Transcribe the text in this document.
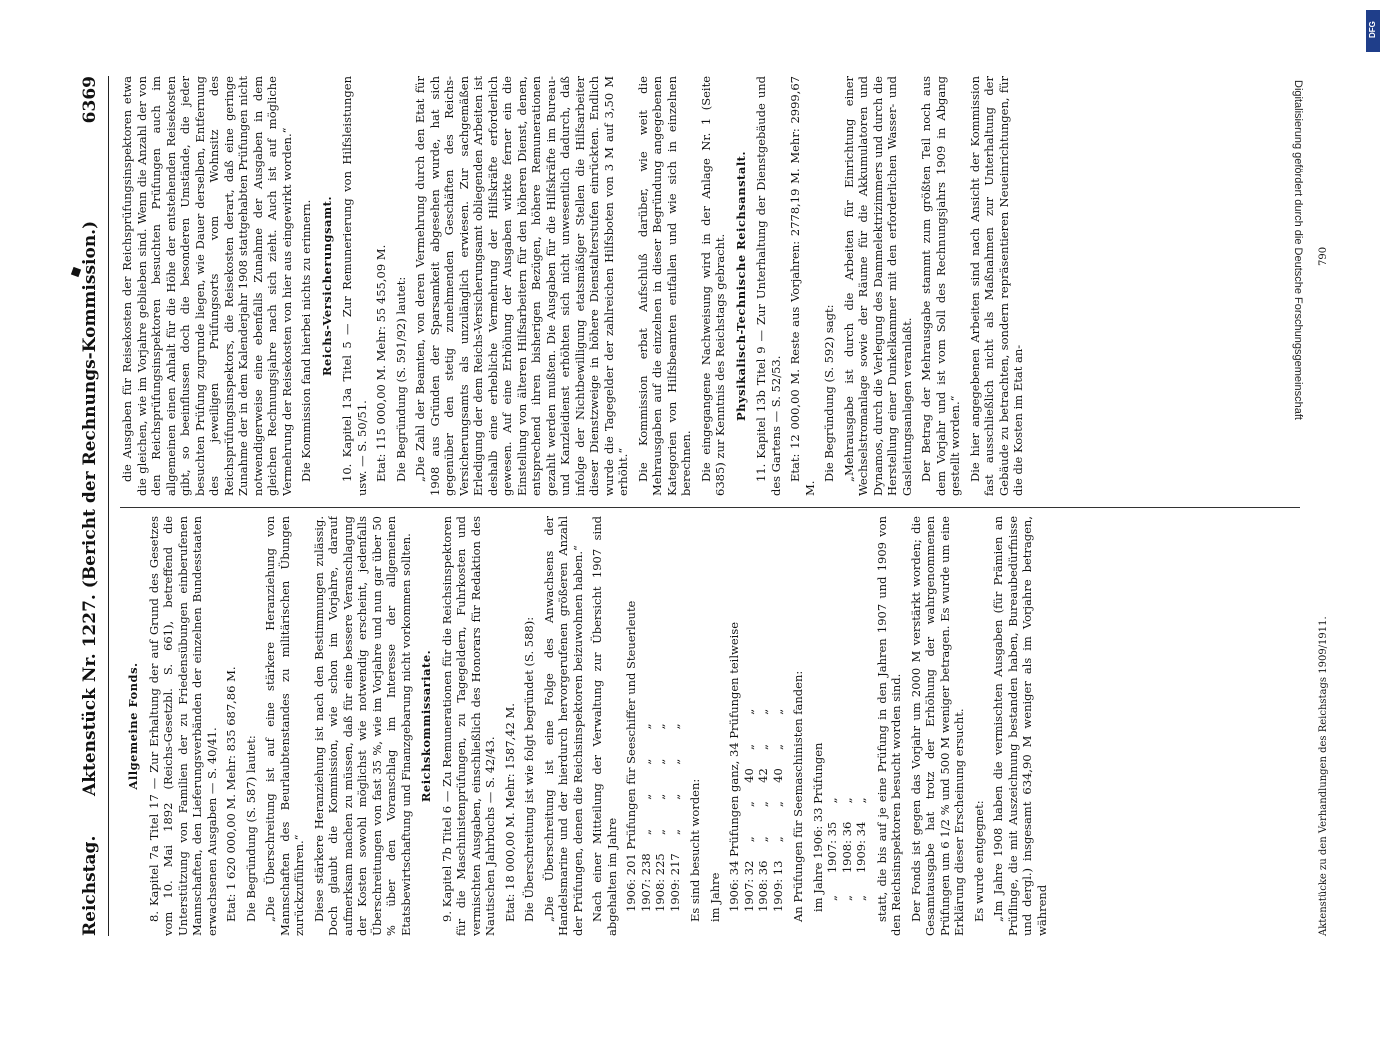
Reichstag.
Aktenstück Nr. 1227. (Bericht der Rechnungs-Kommission.)
6369
Allgemeine Fonds. 8. Kapitel 7a Titel 17 — Zur Erhaltung der auf Grund des Gesetzes vom 10. Mai 1892 (Reichs-Gesetzbl. S. 661), betreffend die Unterstützung von Familien der zu Friedensübungen einberufenen Mannschaften, den Lieferungsverbänden der einzelnen Bundesstaaten erwachsenen Ausgaben — S. 40/41. Etat: 1 620 000,00 M. Mehr: 835 687,86 M. Die Begründung (S. 587) lautet: „Die Überschreitung ist auf eine stärkere Heranziehung von Mannschaften des Beurlaubtenstandes zu militärischen Übungen zurückzuführen.“ Diese stärkere Heranziehung ist nach den Bestimmungen zulässig. Doch glaubt die Kommission, wie schon im Vorjahre, darauf aufmerksam machen zu müssen, daß für eine bessere Veranschlagung der Kosten sowohl möglichst wie notwendig erscheint, jedenfalls Überschreitungen von fast 35 %, wie im Vorjahre und nun gar über 50 % über den Voranschlag im Interesse der allgemeinen Etatsbewirtschaftung und Finanzgebarung nicht vorkommen sollten. Reichskommissariate. 9. Kapitel 7b Titel 6 — Zu Remunerationen für die Reichsinspektoren für die Maschinistenprüfungen, zu Tagegeldern, Fuhrkosten und vermischten Ausgaben, einschließlich des Honorars für Redaktion des Nautischen Jahrbuchs — S. 42/43. Etat: 18 000,00 M. Mehr: 1587,42 M. Die Überschreitung ist wie folgt begründet (S. 588): „Die Überschreitung ist eine Folge des Anwachsens der Handelsmarine und der hierdurch hervorgerufenen größeren Anzahl der Prüfungen, denen die Reichsinspektoren beizuwohnen haben.“ Nach einer Mitteilung der Verwaltung zur Übersicht 1907 sind abgehalten im Jahre 1906: 201 Prüfungen für Seeschiffer und Steuerleute 1907: 238     „        „        „        „ 1908: 225     „        „        „        „ 1909: 217     „        „        „        „ Es sind besucht worden: im Jahre 1906: 34 Prüfungen ganz, 34 Prüfungen teilweise 1907: 32     „        „     40     „        „ 1908: 36     „        „     42     „        „ 1909: 13     „        „     40     „        „ An Prüfungen für Seemaschinisten fanden: im Jahre 1906: 33 Prüfungen „      1907: 35     „ „      1908: 36     „ „      1909: 34     „ statt, die bis auf je eine Prüfung in den Jahren 1907 und 1909 von den Reichsinspektoren besucht worden sind. Der Fonds ist gegen das Vorjahr um 2000 M verstärkt worden; die Gesamtausgabe hat trotz der Erhöhung der wahrgenommenen Prüfungen um 6 1/2 % und 500 M weniger betragen. Es wurde um eine Erklärung dieser Erscheinung ersucht. Es wurde entgegnet: „Im Jahre 1908 haben die vermischten Ausgaben (für Prämien an Prüflinge, die mit Auszeichnung bestanden haben, Bureaubedürfnisse und dergl.) insgesamt 634,90 M weniger als im Vorjahre betragen, während

die Ausgaben für Reisekosten der Reichsprüfungsinspektoren etwa die gleichen, wie im Vorjahre geblieben sind. Wenn die Anzahl der von den Reichsprüfungsinspektoren besuchten Prüfungen auch im allgemeinen einen Anhalt für die Höhe der entstehenden Reisekosten gibt, so beeinflussen doch die besonderen Umstände, die jeder besuchten Prüfung zugrunde liegen, wie Dauer derselben, Entfernung des jeweiligen Prüfungsorts vom Wohnsitz des Reichsprüfungsinspektors, die Reisekosten derart, daß eine geringe Zunahme der in dem Kalenderjahr 1908 stattgehabten Prüfungen nicht notwendigerweise eine ebenfalls Zunahme der Ausgaben in dem gleichen Rechnungsjahre nach sich zieht. Auch ist auf mögliche Vermehrung der Reisekosten von hier aus eingewirkt worden.“ Die Kommission fand hierbei nichts zu erinnern. Reichs-Versicherungsamt. 10. Kapitel 13a Titel 5 — Zur Remunerierung von Hilfsleistungen usw. — S. 50/51. Etat: 115 000,00 M. Mehr: 55 455,09 M. Die Begründung (S. 591/92) lautet: „Die Zahl der Beamten, von deren Vermehrung durch den Etat für 1908 aus Gründen der Sparsamkeit abgesehen wurde, hat sich gegenüber den stetig zunehmenden Geschäften des Reichs-Versicherungsamts als unzulänglich erwiesen. Zur sachgemäßen Erledigung der dem Reichs-Versicherungsamt obliegenden Arbeiten ist deshalb eine erhebliche Vermehrung der Hilfskräfte erforderlich gewesen. Auf eine Erhöhung der Ausgaben wirkte ferner ein die Einstellung von älteren Hilfsarbeitern für den höheren Dienst, denen, entsprechend ihren bisherigen Bezügen, höhere Remunerationen gezahlt werden mußten. Die Ausgaben für die Hilfskräfte im Bureau- und Kanzleidienst erhöhten sich nicht unwesentlich dadurch, daß infolge der Nichtbewilligung etatsmäßiger Stellen die Hilfsarbeiter dieser Dienstzweige in höhere Dienstalterstufen einrückten. Endlich wurde die Tagegelder der zahlreichen Hilfsboten von 3 M auf 3,50 M erhöht.“ Die Kommission erbat Aufschluß darüber, wie weit die Mehrausgaben auf die einzelnen in dieser Begründung angegebenen Kategorien von Hilfsbeamten entfallen und wie sich in einzelnen berechnen. Die eingegangene Nachweisung wird in der Anlage Nr. 1 (Seite 6385) zur Kenntnis des Reichstags gebracht. Physikalisch-Technische Reichsanstalt. 11. Kapitel 13b Titel 9 — Zur Unterhaltung der Dienstgebäude und des Gartens — S. 52/53. Etat: 12 000,00 M. Reste aus Vorjahren: 2778,19 M. Mehr: 2999,67 M.

Die Begründung (S. 592) sagt: „Mehrausgabe ist durch die Arbeiten für Einrichtung einer Wechselstromanlage sowie der Räume für die Akkumulatoren und Dynamos, durch die Verlegung des Dammelektrizimmers und durch die Herstellung einer Dunkelkammer mit den erforderlichen Wasser- und Gasleitungsanlagen veranlaßt. Der Betrag der Mehrausgabe stammt zum größten Teil noch aus dem Vorjahr und ist vom Soll des Rechnungsjahrs 1909 in Abgang gestellt worden.“ Die hier angegebenen Arbeiten sind nach Ansicht der Kommission fast ausschließlich nicht als Maßnahmen zur Unterhaltung der Gebäude zu betrachten, sondern repräsentieren Neueinrichtungen, für die die Kosten im Etat an-

Aktenstücke zu den Verhandlungen des Reichstags 1909/1911.
790
DFG
Digitalisierung gefördert durch die Deutsche Forschungsgemeinschaft
